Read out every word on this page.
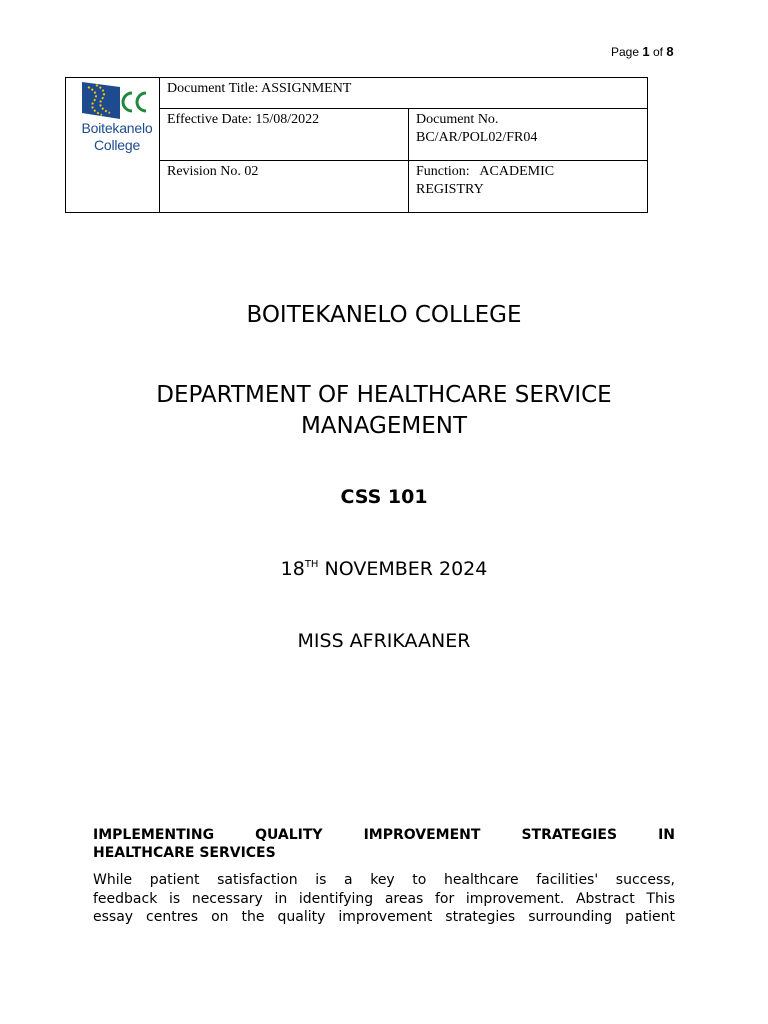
Page 1 of 8
Boitekanelo
College	Document Title: ASSIGNMENT	
	Effective Date: 15/08/2022	Document No.
BC/AR/POL02/FR04

	Revision No. 02	Function:   ACADEMIC
REGISTRY
BOITEKANELO COLLEGE
DEPARTMENT OF HEALTHCARE SERVICE
MANAGEMENT
CSS 101
18TH NOVEMBER 2024
MISS AFRIKAANER
IMPLEMENTING QUALITY IMPROVEMENT STRATEGIES IN
HEALTHCARE SERVICES
While patient satisfaction is a key to healthcare facilities' success,
feedback is necessary in identifying areas for improvement. Abstract This
essay centres on the quality improvement strategies surrounding patient
